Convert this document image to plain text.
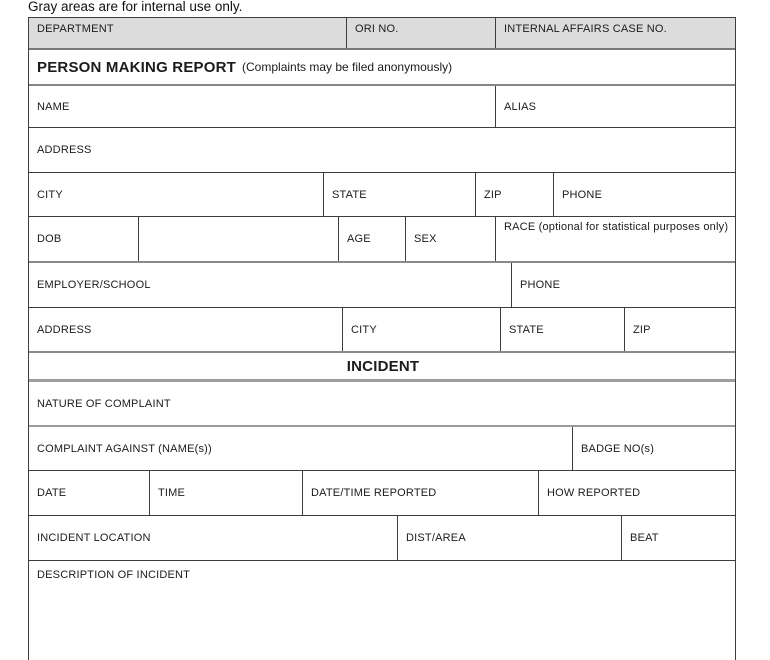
Gray areas are for internal use only.
DEPARTMENT	ORI NO.	INTERNAL AFFAIRS CASE NO.
PERSON MAKING REPORT (Complaints may be filed anonymously)
NAME	ALIAS
ADDRESS
CITY	STATE	ZIP	PHONE
DOB	AGE	SEX
RACE (optional for statistical purposes only)
EMPLOYER/SCHOOL	PHONE
ADDRESS	CITY	STATE	ZIP
INCIDENT
NATURE OF COMPLAINT
COMPLAINT AGAINST (NAME(s))	BADGE NO(s)
DATE	TIME	DATE/TIME REPORTED	HOW REPORTED
INCIDENT LOCATION	DIST/AREA	BEAT
DESCRIPTION OF INCIDENT
